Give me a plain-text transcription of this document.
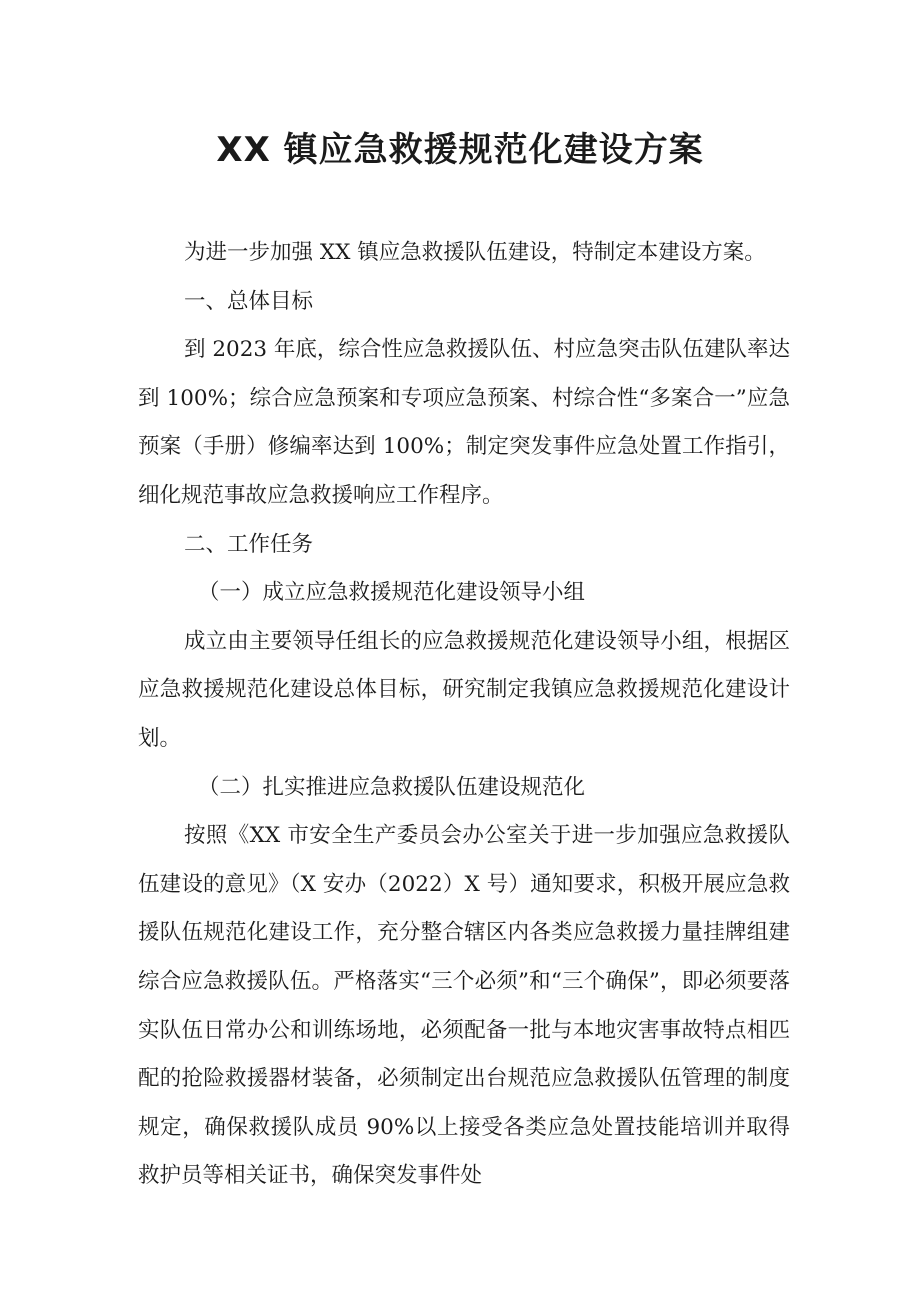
XX 镇应急救援规范化建设方案

为进一步加强 XX 镇应急救援队伍建设，特制定本建设方案。

一、总体目标

到 2023 年底，综合性应急救援队伍、村应急突击队伍建队率达到 100%；综合应急预案和专项应急预案、村综合性“多案合一”应急预案（手册）修编率达到 100%；制定突发事件应急处置工作指引，细化规范事故应急救援响应工作程序。

二、工作任务

（一）成立应急救援规范化建设领导小组

成立由主要领导任组长的应急救援规范化建设领导小组，根据区应急救援规范化建设总体目标，研究制定我镇应急救援规范化建设计划。

（二）扎实推进应急救援队伍建设规范化

按照《XX 市安全生产委员会办公室关于进一步加强应急救援队伍建设的意见》（X 安办（2022）X 号）通知要求，积极开展应急救援队伍规范化建设工作，充分整合辖区内各类应急救援力量挂牌组建综合应急救援队伍。严格落实“三个必须”和“三个确保”，即必须要落实队伍日常办公和训练场地，必须配备一批与本地灾害事故特点相匹配的抢险救援器材装备，必须制定出台规范应急救援队伍管理的制度规定，确保救援队成员 90%以上接受各类应急处置技能培训并取得救护员等相关证书，确保突发事件处
